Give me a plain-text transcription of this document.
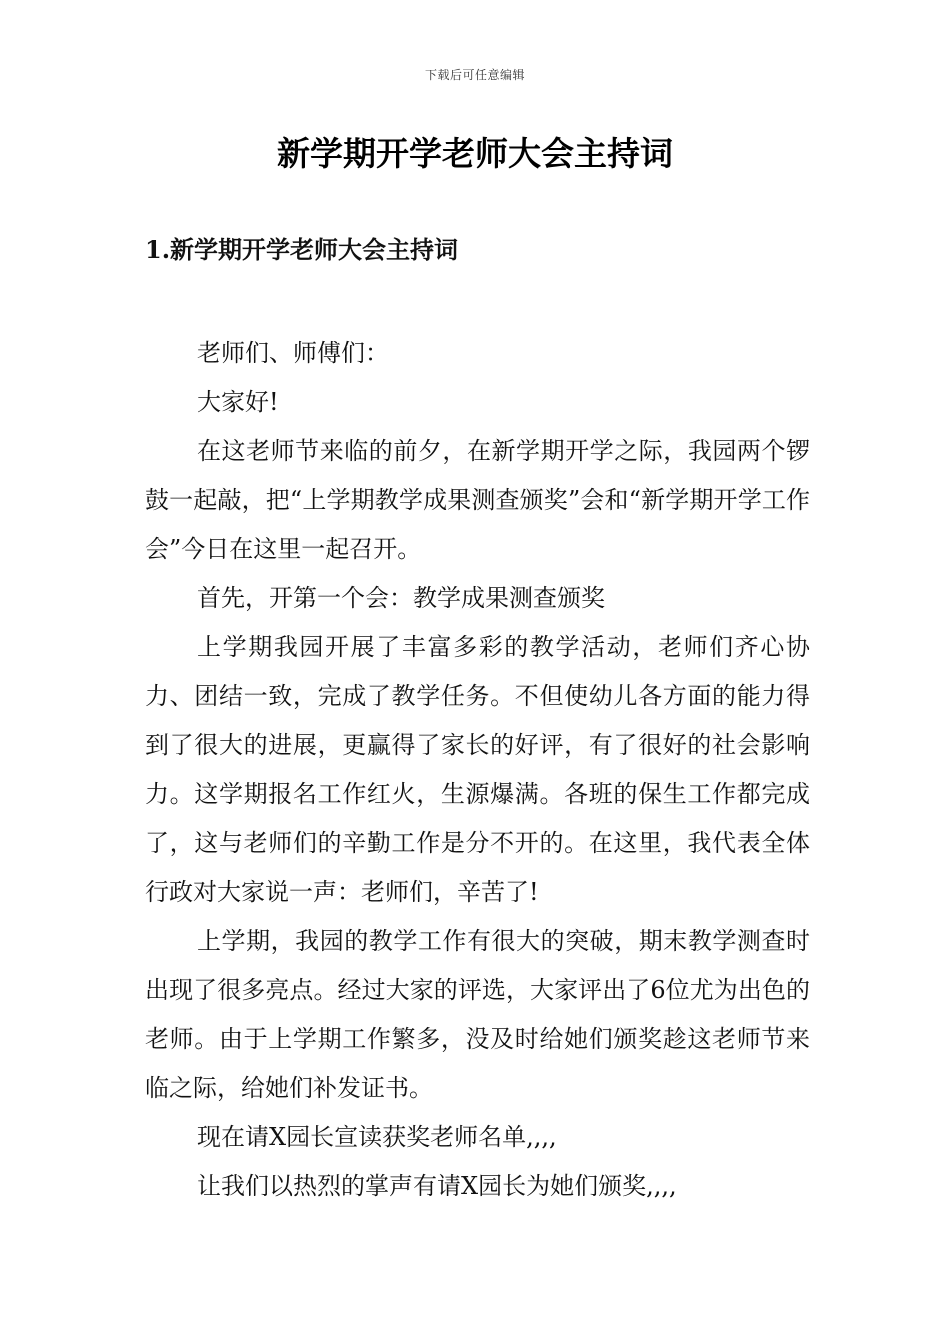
下载后可任意编辑
新学期开学老师大会主持词
1.新学期开学老师大会主持词

老师们、师傅们：

大家好!

在这老师节来临的前夕，在新学期开学之际，我园两个锣鼓一起敲，把“上学期教学成果测查颁奖”会和“新学期开学工作会”今日在这里一起召开。

首先，开第一个会：教学成果测查颁奖

上学期我园开展了丰富多彩的教学活动，老师们齐心协力、团结一致，完成了教学任务。不但使幼儿各方面的能力得到了很大的进展，更赢得了家长的好评，有了很好的社会影响力。这学期报名工作红火，生源爆满。各班的保生工作都完成了，这与老师们的辛勤工作是分不开的。在这里，我代表全体行政对大家说一声：老师们，辛苦了!

上学期，我园的教学工作有很大的突破，期末教学测查时出现了很多亮点。经过大家的评选，大家评出了6位尤为出色的老师。由于上学期工作繁多，没及时给她们颁奖趁这老师节来临之际，给她们补发证书。

现在请X园长宣读获奖老师名单,,,,

让我们以热烈的掌声有请X园长为她们颁奖,,,,
